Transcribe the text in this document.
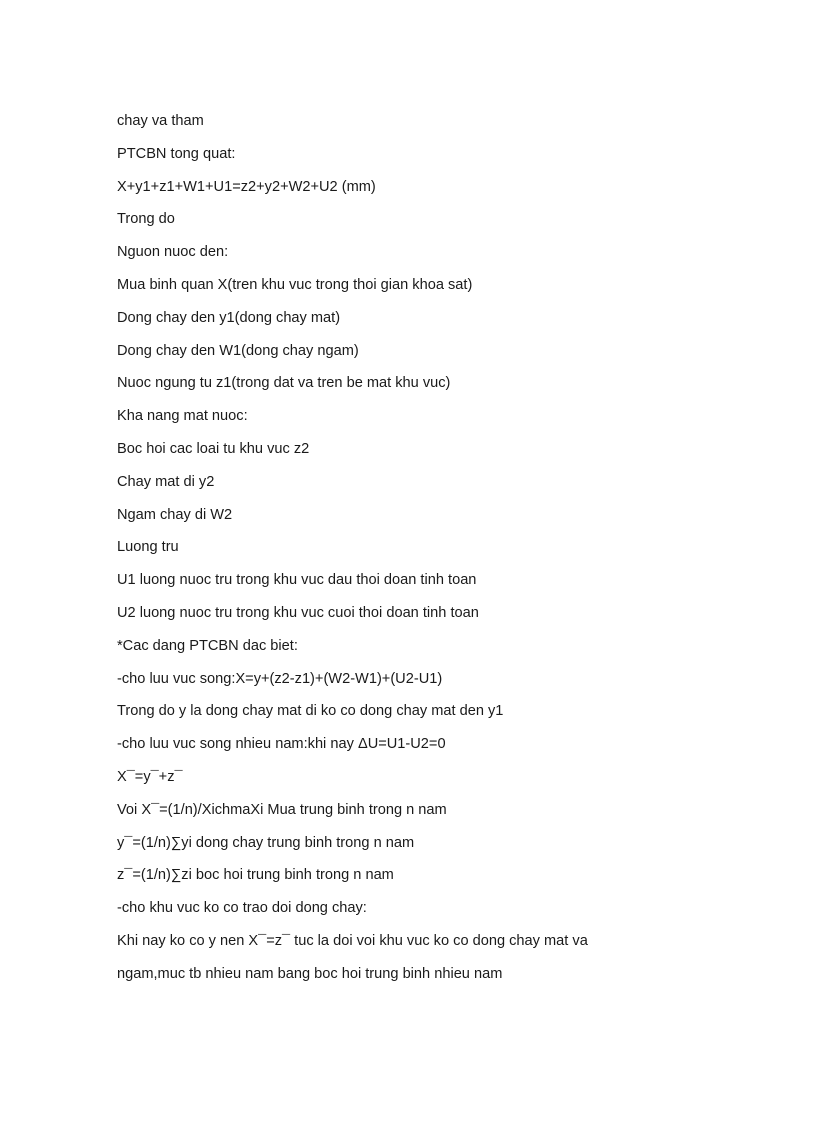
chay va tham
PTCBN tong quat:
X+y1+z1+W1+U1=z2+y2+W2+U2 (mm)
Trong do
Nguon nuoc den:
Mua binh quan X(tren khu vuc trong thoi gian khoa sat)
Dong chay den y1(dong chay mat)
Dong chay den W1(dong chay ngam)
Nuoc ngung tu z1(trong dat va tren be mat khu vuc)
Kha nang mat nuoc:
Boc hoi cac loai tu khu vuc z2
Chay mat di y2
Ngam chay di W2
Luong tru
U1 luong nuoc tru trong khu vuc dau thoi doan tinh toan
U2 luong nuoc tru trong khu vuc cuoi thoi doan tinh toan
*Cac dang PTCBN dac biet:
-cho luu vuc song:X=y+(z2-z1)+(W2-W1)+(U2-U1)
Trong do y la dong chay mat di ko co dong chay mat den y1
-cho luu vuc song nhieu nam:khi nay ΔU=U1-U2=0
X¯=y¯+z¯
Voi X¯=(1/n)/XichmaXi Mua trung binh trong n nam
y¯=(1/n)∑yi dong chay trung binh trong n nam
z¯=(1/n)∑zi boc hoi trung binh trong n nam
-cho khu vuc ko co trao doi dong chay:
Khi nay ko co y nen X¯=z¯ tuc la doi voi khu vuc ko co dong chay mat va
ngam,muc tb nhieu nam bang boc hoi trung binh nhieu nam
